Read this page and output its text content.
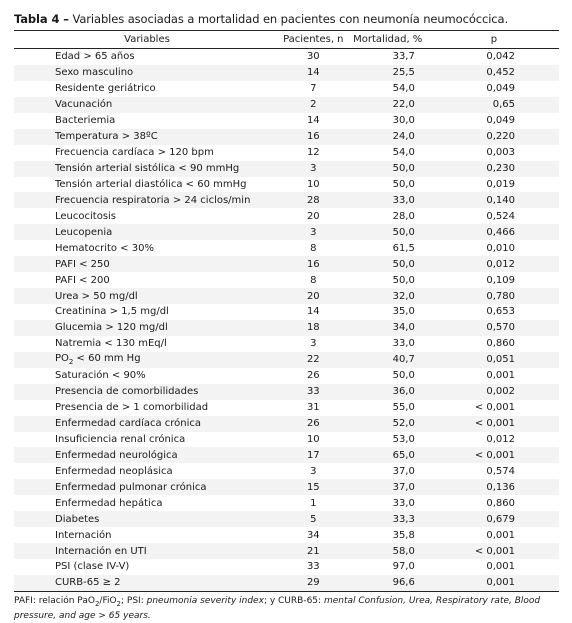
Tabla 4 – Variables asociadas a mortalidad en pacientes con neumonía neumocóccica.
Variables	Pacientes, n	Mortalidad, %	p
Edad > 65 años	30	33,7	0,042
Sexo masculino	14	25,5	0,452
Residente geriátrico	7	54,0	0,049
Vacunación	2	22,0	0,65
Bacteriemia	14	30,0	0,049
Temperatura > 38ºC	16	24,0	0,220
Frecuencia cardíaca > 120 bpm	12	54,0	0,003
Tensión arterial sistólica < 90 mmHg	3	50,0	0,230
Tensión arterial diastólica < 60 mmHg	10	50,0	0,019
Frecuencia respiratoria > 24 ciclos/min	28	33,0	0,140
Leucocitosis	20	28,0	0,524
Leucopenia	3	50,0	0,466
Hematocrito < 30%	8	61,5	0,010
PAFI < 250	16	50,0	0,012
PAFI < 200	8	50,0	0,109
Urea > 50 mg/dl	20	32,0	0,780
Creatinina > 1,5 mg/dl	14	35,0	0,653
Glucemia > 120 mg/dl	18	34,0	0,570
Natremia < 130 mEq/l	3	33,0	0,860
$PO_2 < 60$ mm Hg	22	40,7	0,051
Saturación < 90%	26	50,0	0,001
Presencia de comorbilidades	33	36,0	0,002
Presencia de > 1 comorbilidad	31	55,0	< 0,001
Enfermedad cardíaca crónica	26	52,0	< 0,001
Insuficiencia renal crónica	10	53,0	0,012
Enfermedad neurológica	17	65,0	< 0,001
Enfermedad neoplásica	3	37,0	0,574
Enfermedad pulmonar crónica	15	37,0	0,136
Enfermedad hepática	1	33,0	0,860
Diabetes	5	33,3	0,679
Internación	34	35,8	0,001
Internación en UTI	21	58,0	< 0,001
PSI (clase IV-V)	33	97,0	0,001
CURB-65 ≥ 2	29	96,6	0,001
PAFI: relación PaO$_2$/FiO$_2$; PSI: pneumonia severity index; y CURB-65: mental Confusion, Urea, Respiratory rate, Blood
pressure, and age > 65 years.
